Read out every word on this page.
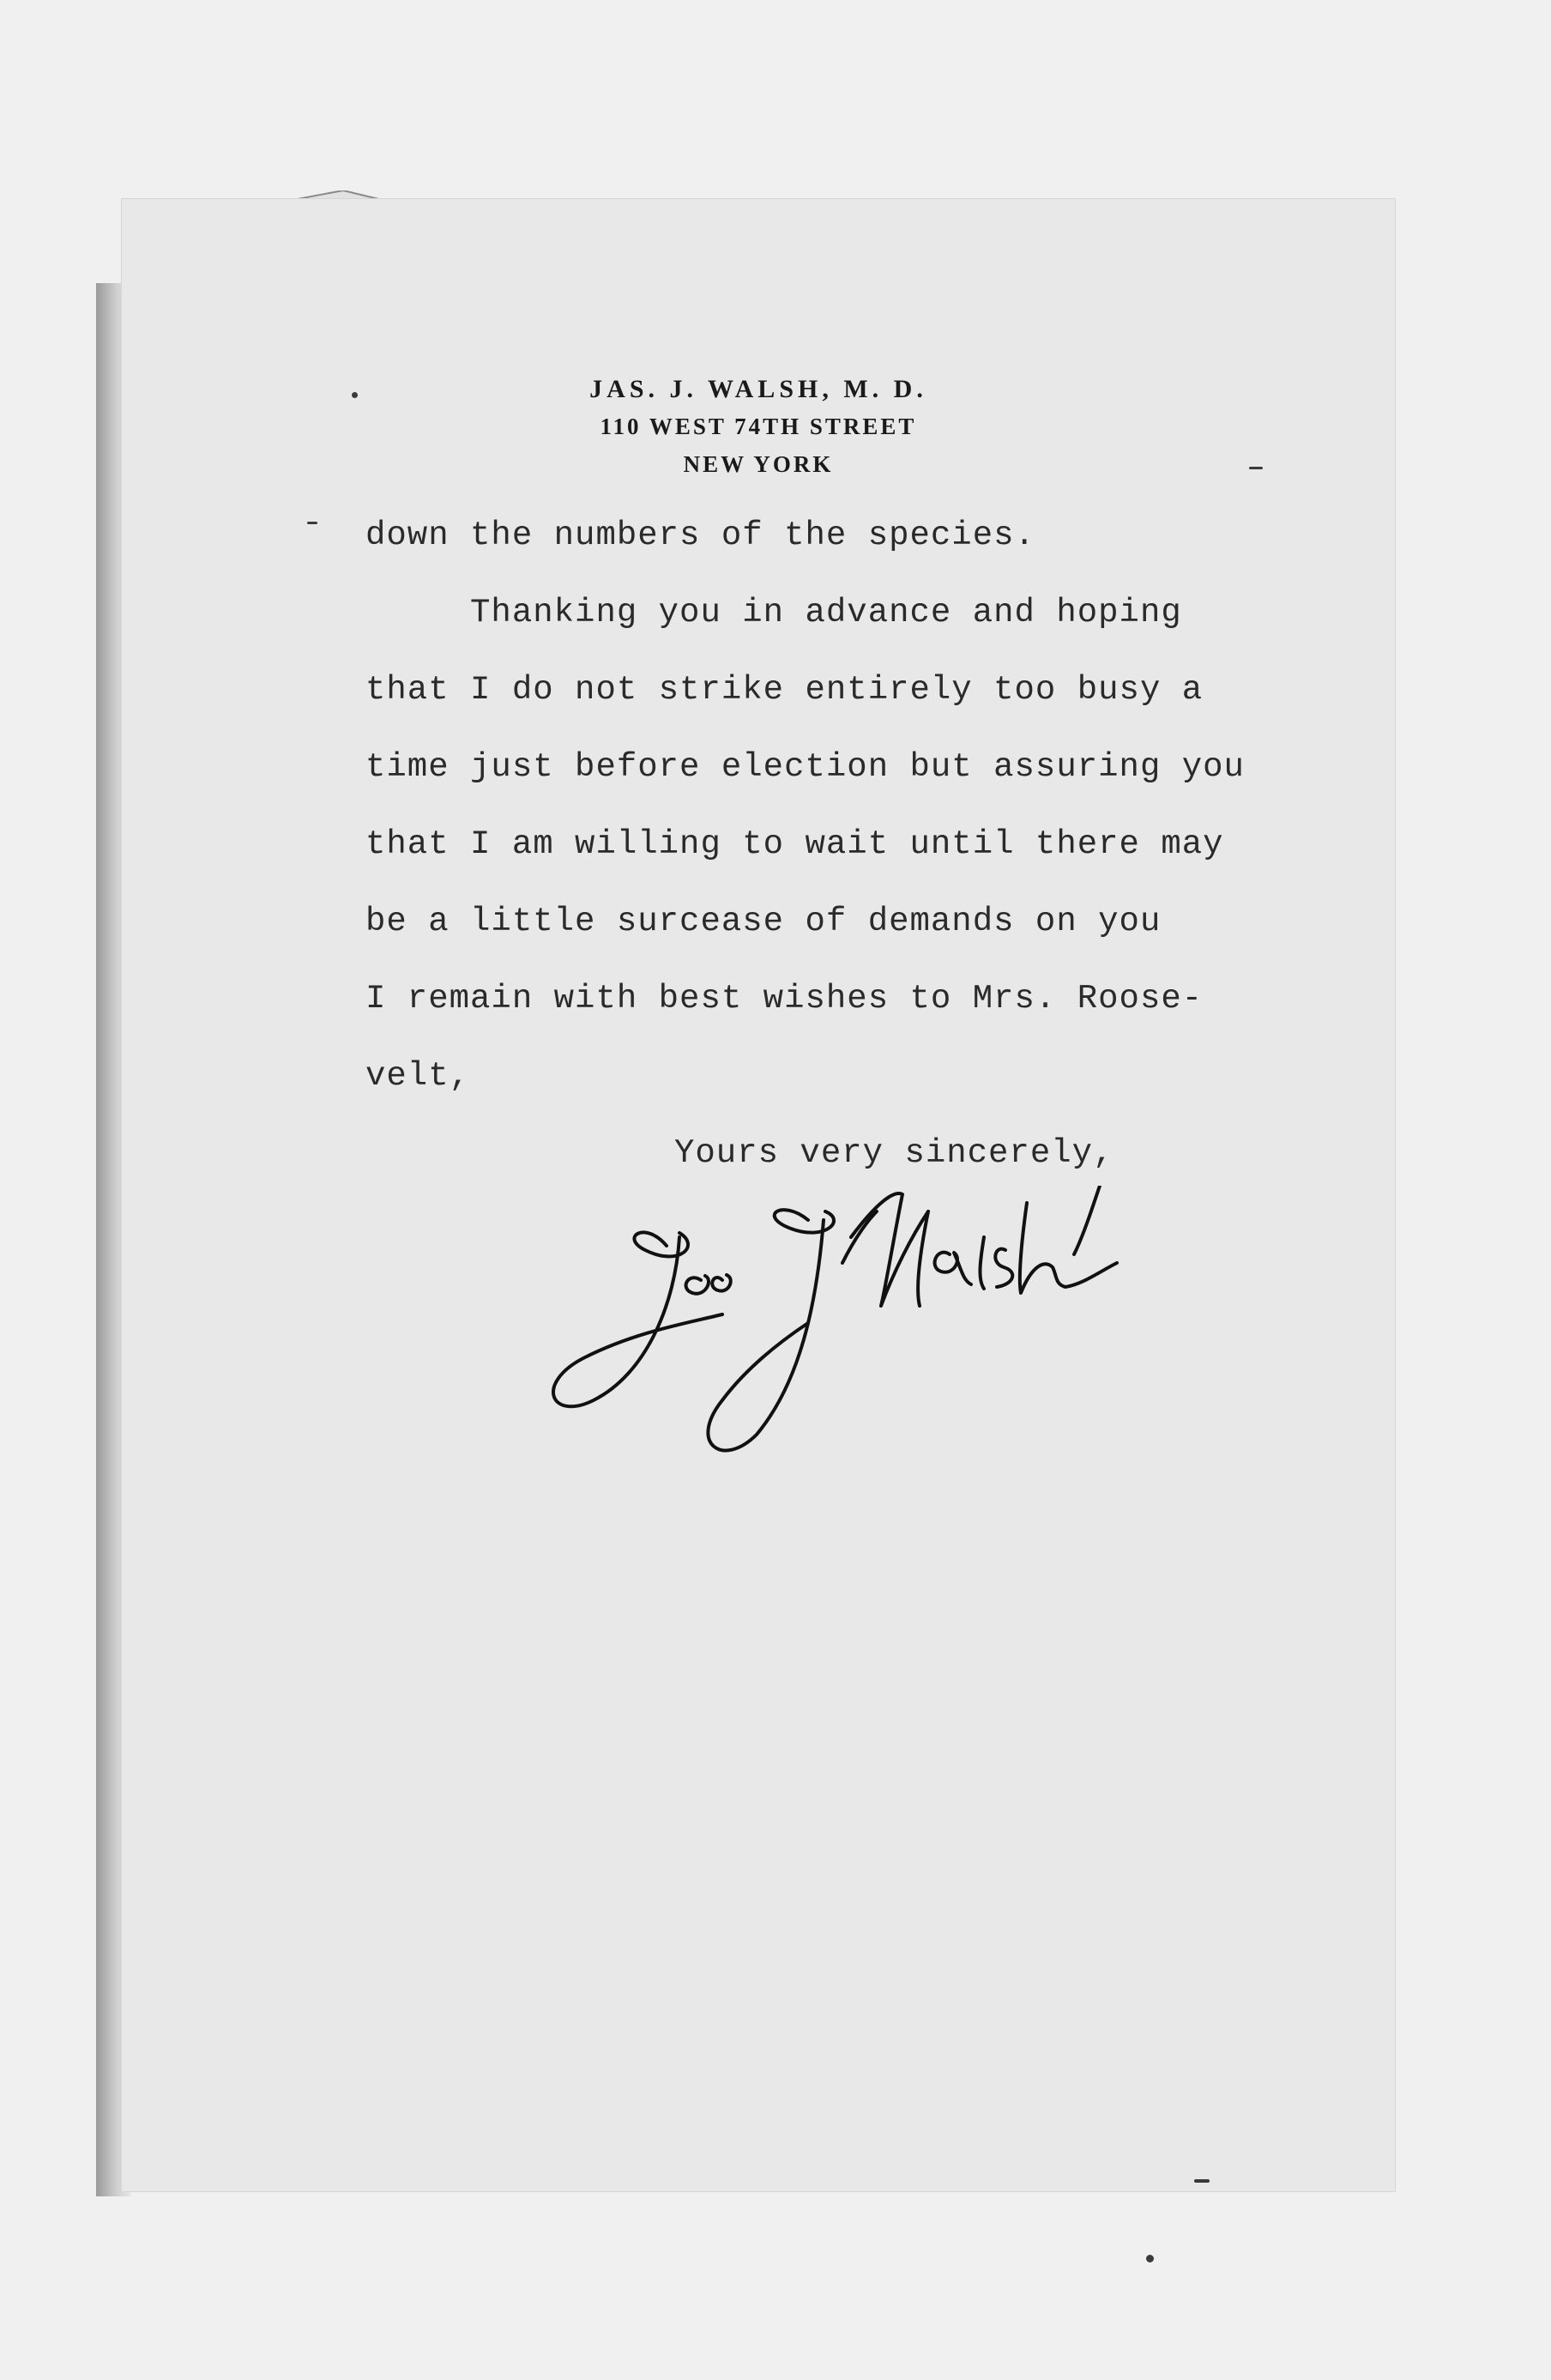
JAS. J. WALSH, M. D.
110 WEST 74TH STREET
NEW YORK
down the numbers of the species.
Thanking you in advance and hoping
that I do not strike entirely too busy a
time just before election but assuring you
that I am willing to wait until there may
be a little surcease of demands on you
I remain with best wishes to Mrs. Roose-
velt,
Yours very sincerely,
